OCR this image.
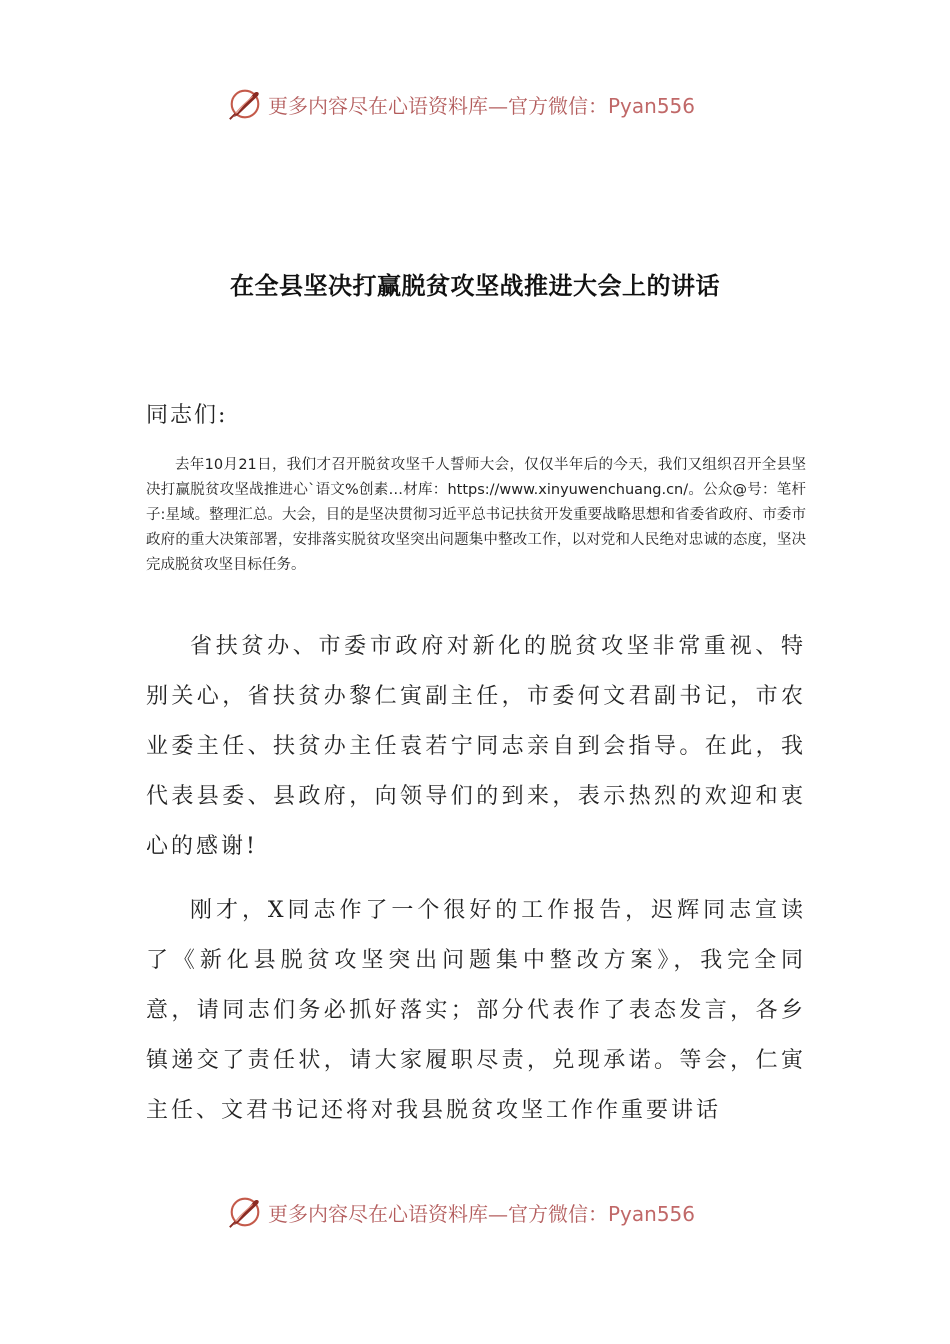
更多内容尽在心语资料库—官方微信：Pyan556
在全县坚决打赢脱贫攻坚战推进大会上的讲话
同志们:
去年10月21日，我们才召开脱贫攻坚千人誓师大会，仅仅半年后的今天，我们又组织召开全县坚决打赢脱贫攻坚战推进心`语文%创素…材库：https://www.xinyuwenchuang.cn/。公众@号：笔杆子:星域。整理汇总。大会，目的是坚决贯彻习近平总书记扶贫开发重要战略思想和省委省政府、市委市政府的重大决策部署，安排落实脱贫攻坚突出问题集中整改工作，以对党和人民绝对忠诚的态度，坚决完成脱贫攻坚目标任务。
省扶贫办、市委市政府对新化的脱贫攻坚非常重视、特别关心，省扶贫办黎仁寅副主任，市委何文君副书记，市农业委主任、扶贫办主任袁若宁同志亲自到会指导。在此，我代表县委、县政府，向领导们的到来，表示热烈的欢迎和衷心的感谢!
刚才，X同志作了一个很好的工作报告，迟辉同志宣读了《新化县脱贫攻坚突出问题集中整改方案》，我完全同意，请同志们务必抓好落实；部分代表作了表态发言，各乡镇递交了责任状，请大家履职尽责，兑现承诺。等会，仁寅主任、文君书记还将对我县脱贫攻坚工作作重要讲话
更多内容尽在心语资料库—官方微信：Pyan556
